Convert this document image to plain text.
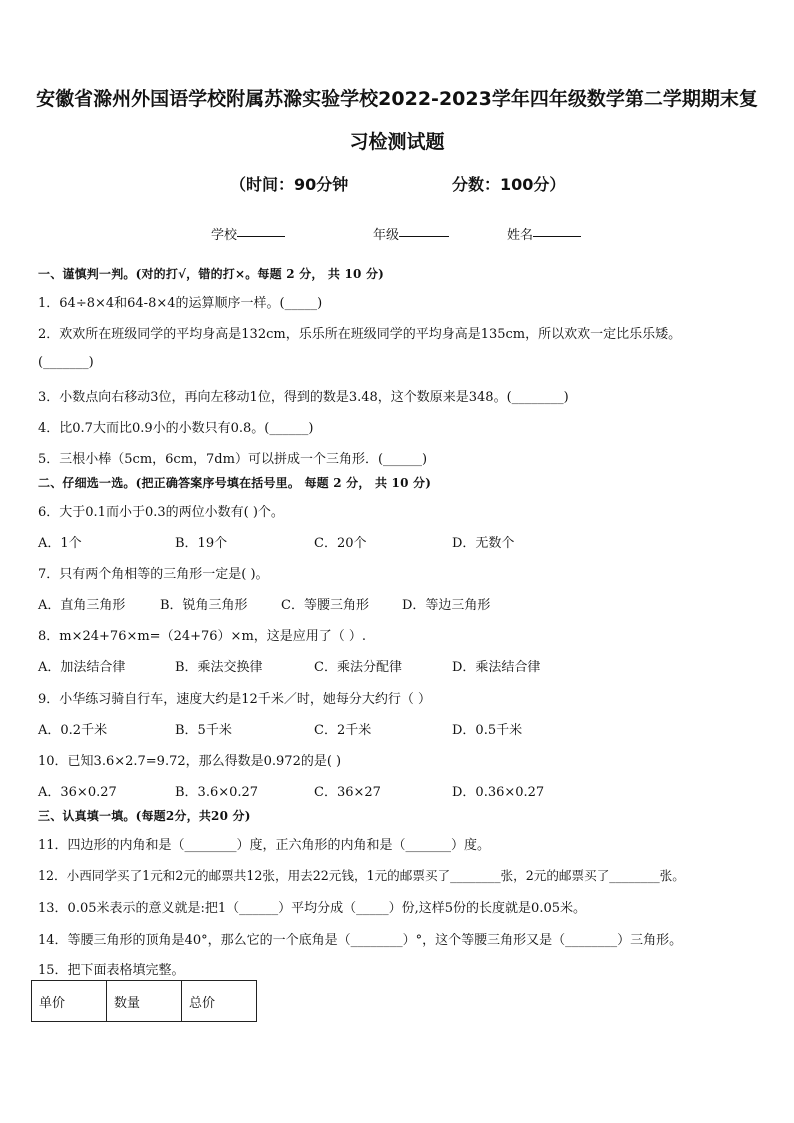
安徽省滁州外国语学校附属苏滁实验学校2022-2023学年四年级数学第二学期期末复
习检测试题
（时间：90分钟	分数：100分）
学校	年级	姓名
一、谨慎判一判。(对的打√，错的打×。每题 2 分， 共 10 分)
1．64÷8×4和64-8×4的运算顺序一样。(_____)
2．欢欢所在班级同学的平均身高是132cm，乐乐所在班级同学的平均身高是135cm，所以欢欢一定比乐乐矮。
(_______)
3．小数点向右移动3位，再向左移动1位，得到的数是3.48，这个数原来是348。(________)
4．比0.7大而比0.9小的小数只有0.8。(______)
5．三根小棒（5cm，6cm，7dm）可以拼成一个三角形．(______)
二、仔细选一选。(把正确答案序号填在括号里。 每题 2 分， 共 10 分)
6．大于0.1而小于0.3的两位小数有( )个。
A．1个	B．19个	C．20个	D．无数个
7．只有两个角相等的三角形一定是( )。
A．直角三角形	B．锐角三角形	C．等腰三角形	D．等边三角形
8．m×24+76×m=（24+76）×m，这是应用了（ ）.
A．加法结合律	B．乘法交换律	C．乘法分配律	D．乘法结合律
9．小华练习骑自行车，速度大约是12千米／时，她每分大约行（ ）
A．0.2千米	B．5千米	C．2千米	D．0.5千米
10．已知3.6×2.7=9.72，那么得数是0.972的是( )
A．36×0.27	B．3.6×0.27	C．36×27	D．0.36×0.27
三、认真填一填。(每题2分，共20 分)
11．四边形的内角和是（________）度，正六角形的内角和是（_______）度。
12．小西同学买了1元和2元的邮票共12张，用去22元钱，1元的邮票买了________张，2元的邮票买了________张。
13．0.05米表示的意义就是:把1（______）平均分成（_____）份,这样5份的长度就是0.05米。
14．等腰三角形的顶角是40°，那么它的一个底角是（________）°，这个等腰三角形又是（________）三角形。
15．把下面表格填完整。
单价	数量	总价
